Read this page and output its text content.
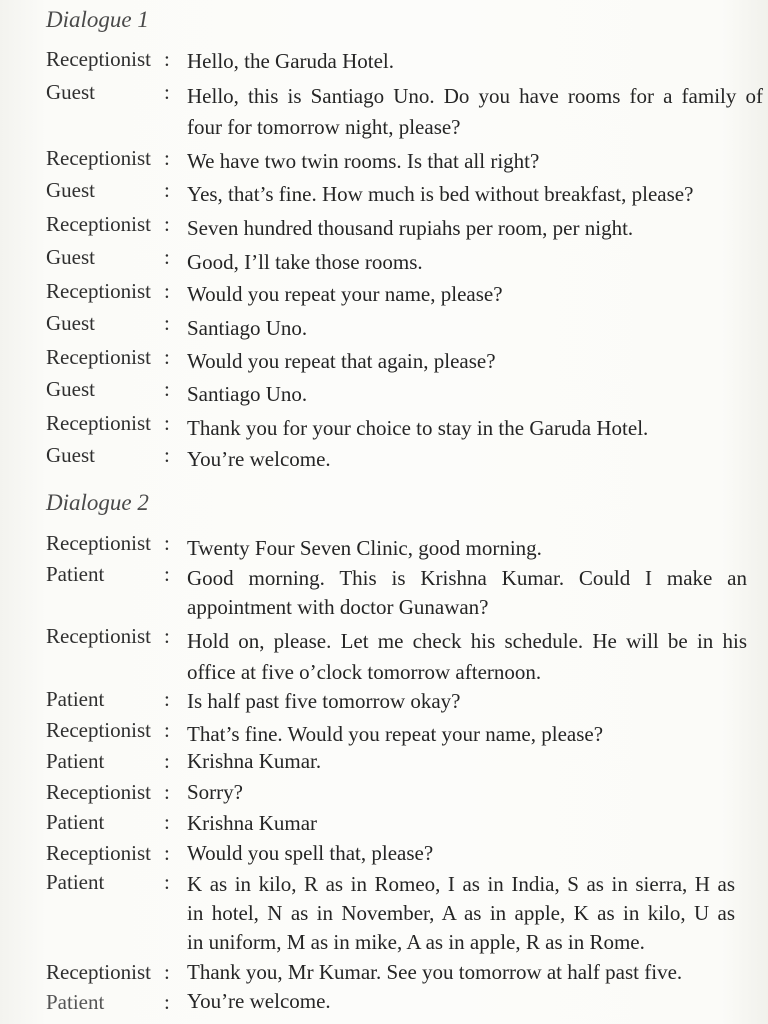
Dialogue 1
Receptionist : Hello, the Garuda Hotel.
Guest	: Hello, this is Santiago Uno. Do you have rooms for a family of
four for tomorrow night, please?
Receptionist : We have two twin rooms. Is that all right?
Guest	: Yes, that’s fine. How much is bed without breakfast, please?
Receptionist : Seven hundred thousand rupiahs per room, per night.
Guest	: Good, I’ll take those rooms.
Receptionist : Would you repeat your name, please?
Guest	: Santiago Uno.
Receptionist : Would you repeat that again, please?
Guest	: Santiago Uno.
Receptionist : Thank you for your choice to stay in the Garuda Hotel.
Guest	: You’re welcome.
Dialogue 2
Receptionist : Twenty Four Seven Clinic, good morning.
Patient	: Good morning. This is Krishna Kumar. Could I make an
appointment with doctor Gunawan?
Receptionist : Hold on, please. Let me check his schedule. He will be in his
office at five o’clock tomorrow afternoon.
Patient	: Is half past five tomorrow okay?
Receptionist : That’s fine. Would you repeat your name, please?
Patient	: Krishna Kumar.
Receptionist : Sorry?
Patient	: Krishna Kumar
Receptionist : Would you spell that, please?
Patient	: K as in kilo, R as in Romeo, I as in India, S as in sierra, H as
in hotel, N as in November, A as in apple, K as in kilo, U as
in uniform, M as in mike, A as in apple, R as in Rome.
Receptionist : Thank you, Mr Kumar. See you tomorrow at half past five.
Patient	: You’re welcome.
